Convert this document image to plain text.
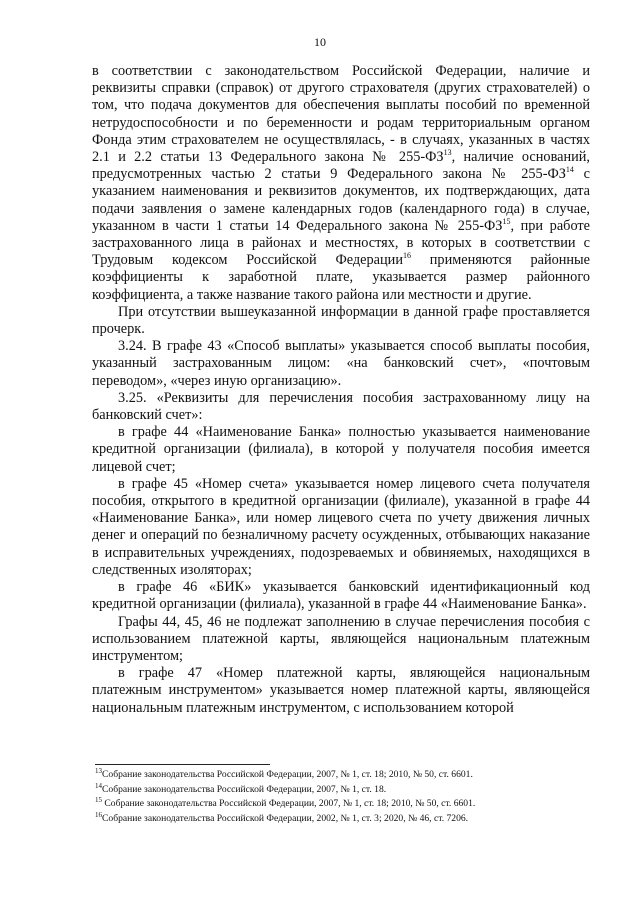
10

в соответствии с законодательством Российской Федерации, наличие и реквизиты справки (справок) от другого страхователя (других страхователей) о том, что подача документов для обеспечения выплаты пособий по временной нетрудоспособности и по беременности и родам территориальным органом Фонда этим страхователем не осуществлялась, - в случаях, указанных в частях 2.1 и 2.2 статьи 13 Федерального закона № 255-ФЗ$^{13}$, наличие оснований, предусмотренных частью 2 статьи 9 Федерального закона № 255-ФЗ$^{14}$ с указанием наименования и реквизитов документов, их подтверждающих, дата подачи заявления о замене календарных годов (календарного года) в случае, указанном в части 1 статьи 14 Федерального закона № 255-ФЗ$^{15}$, при работе застрахованного лица в районах и местностях, в которых в соответствии с Трудовым кодексом Российской Федерации$^{16}$ применяются районные коэффициенты к заработной плате, указывается размер районного коэффициента, а также название такого района или местности и другие.

При отсутствии вышеуказанной информации в данной графе проставляется прочерк.

3.24. В графе 43 «Способ выплаты» указывается способ выплаты пособия, указанный застрахованным лицом: «на банковский счет», «почтовым переводом», «через иную организацию».

3.25. «Реквизиты для перечисления пособия застрахованному лицу на банковский счет»:

в графе 44 «Наименование Банка» полностью указывается наименование кредитной организации (филиала), в которой у получателя пособия имеется лицевой счет;

в графе 45 «Номер счета» указывается номер лицевого счета получателя пособия, открытого в кредитной организации (филиале), указанной в графе 44 «Наименование Банка», или номер лицевого счета по учету движения личных денег и операций по безналичному расчету осужденных, отбывающих наказание в исправительных учреждениях, подозреваемых и обвиняемых, находящихся в следственных изоляторах;

в графе 46 «БИК» указывается банковский идентификационный код кредитной организации (филиала), указанной в графе 44 «Наименование Банка».

Графы 44, 45, 46 не подлежат заполнению в случае перечисления пособия с использованием платежной карты, являющейся национальным платежным инструментом;

в графе 47 «Номер платежной карты, являющейся национальным платежным инструментом» указывается номер платежной карты, являющейся национальным платежным инструментом, с использованием которой

$^{13}$Собрание законодательства Российской Федерации, 2007, № 1, ст. 18; 2010, № 50, ст. 6601.

$^{14}$Собрание законодательства Российской Федерации, 2007, № 1, ст. 18.

$^{15}$ Собрание законодательства Российской Федерации, 2007, № 1, ст. 18; 2010, № 50, ст. 6601.

$^{16}$Собрание законодательства Российской Федерации, 2002, № 1, ст. 3; 2020, № 46, ст. 7206.
